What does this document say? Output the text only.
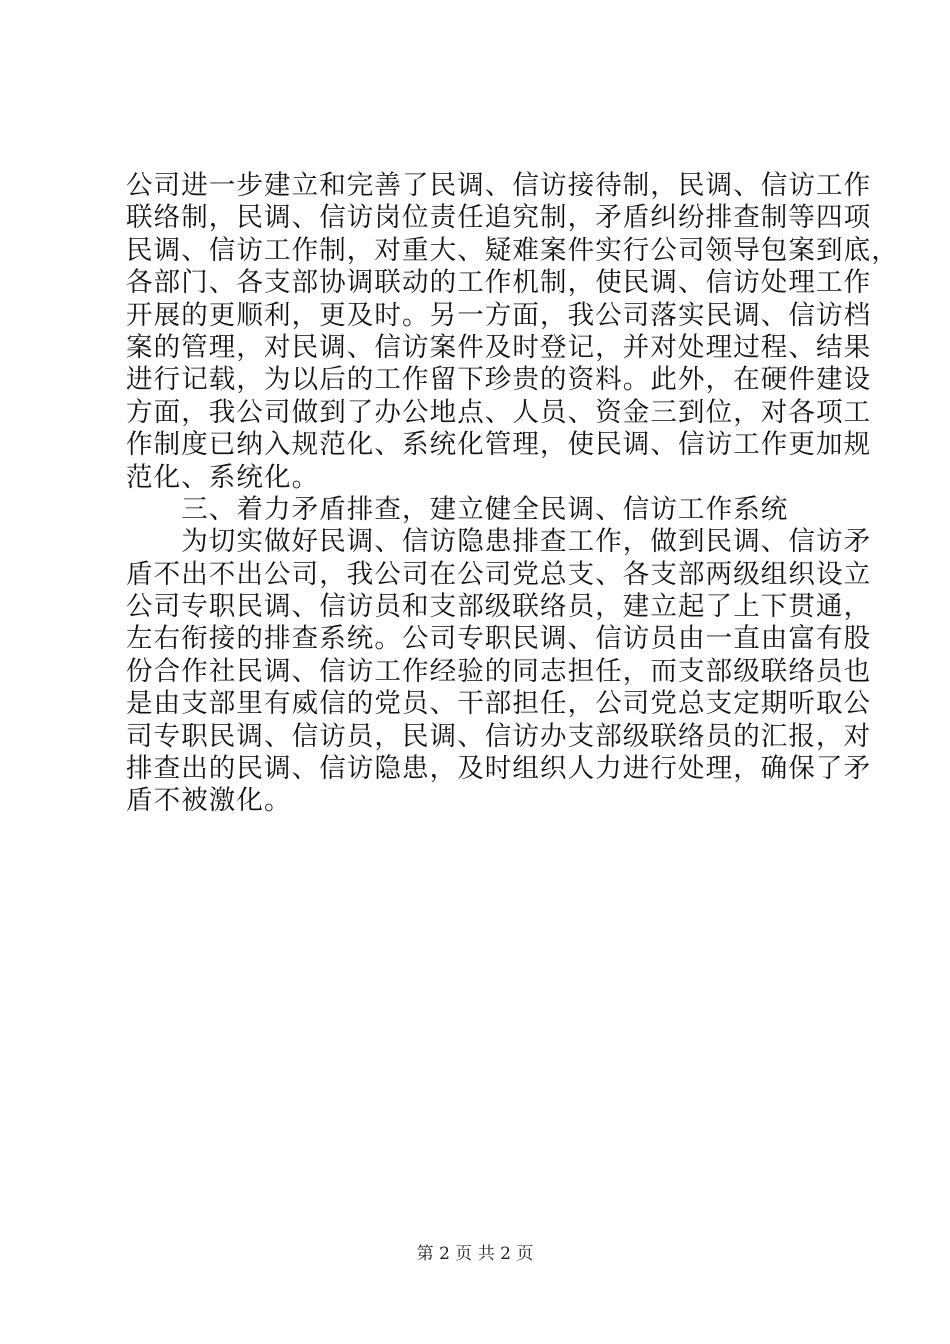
公司进一步建立和完善了民调、信访接待制，民调、信访工作
联络制，民调、信访岗位责任追究制，矛盾纠纷排查制等四项
民调、信访工作制，对重大、疑难案件实行公司领导包案到底，
各部门、各支部协调联动的工作机制，使民调、信访处理工作
开展的更顺利，更及时。另一方面，我公司落实民调、信访档
案的管理，对民调、信访案件及时登记，并对处理过程、结果
进行记载，为以后的工作留下珍贵的资料。此外，在硬件建设
方面，我公司做到了办公地点、人员、资金三到位，对各项工
作制度已纳入规范化、系统化管理，使民调、信访工作更加规
范化、系统化。
　　三、着力矛盾排查，建立健全民调、信访工作系统
　　为切实做好民调、信访隐患排查工作，做到民调、信访矛
盾不出不出公司，我公司在公司党总支、各支部两级组织设立
公司专职民调、信访员和支部级联络员，建立起了上下贯通，
左右衔接的排查系统。公司专职民调、信访员由一直由富有股
份合作社民调、信访工作经验的同志担任，而支部级联络员也
是由支部里有威信的党员、干部担任，公司党总支定期听取公
司专职民调、信访员，民调、信访办支部级联络员的汇报，对
排查出的民调、信访隐患，及时组织人力进行处理，确保了矛
盾不被激化。
第 2 页 共 2 页
